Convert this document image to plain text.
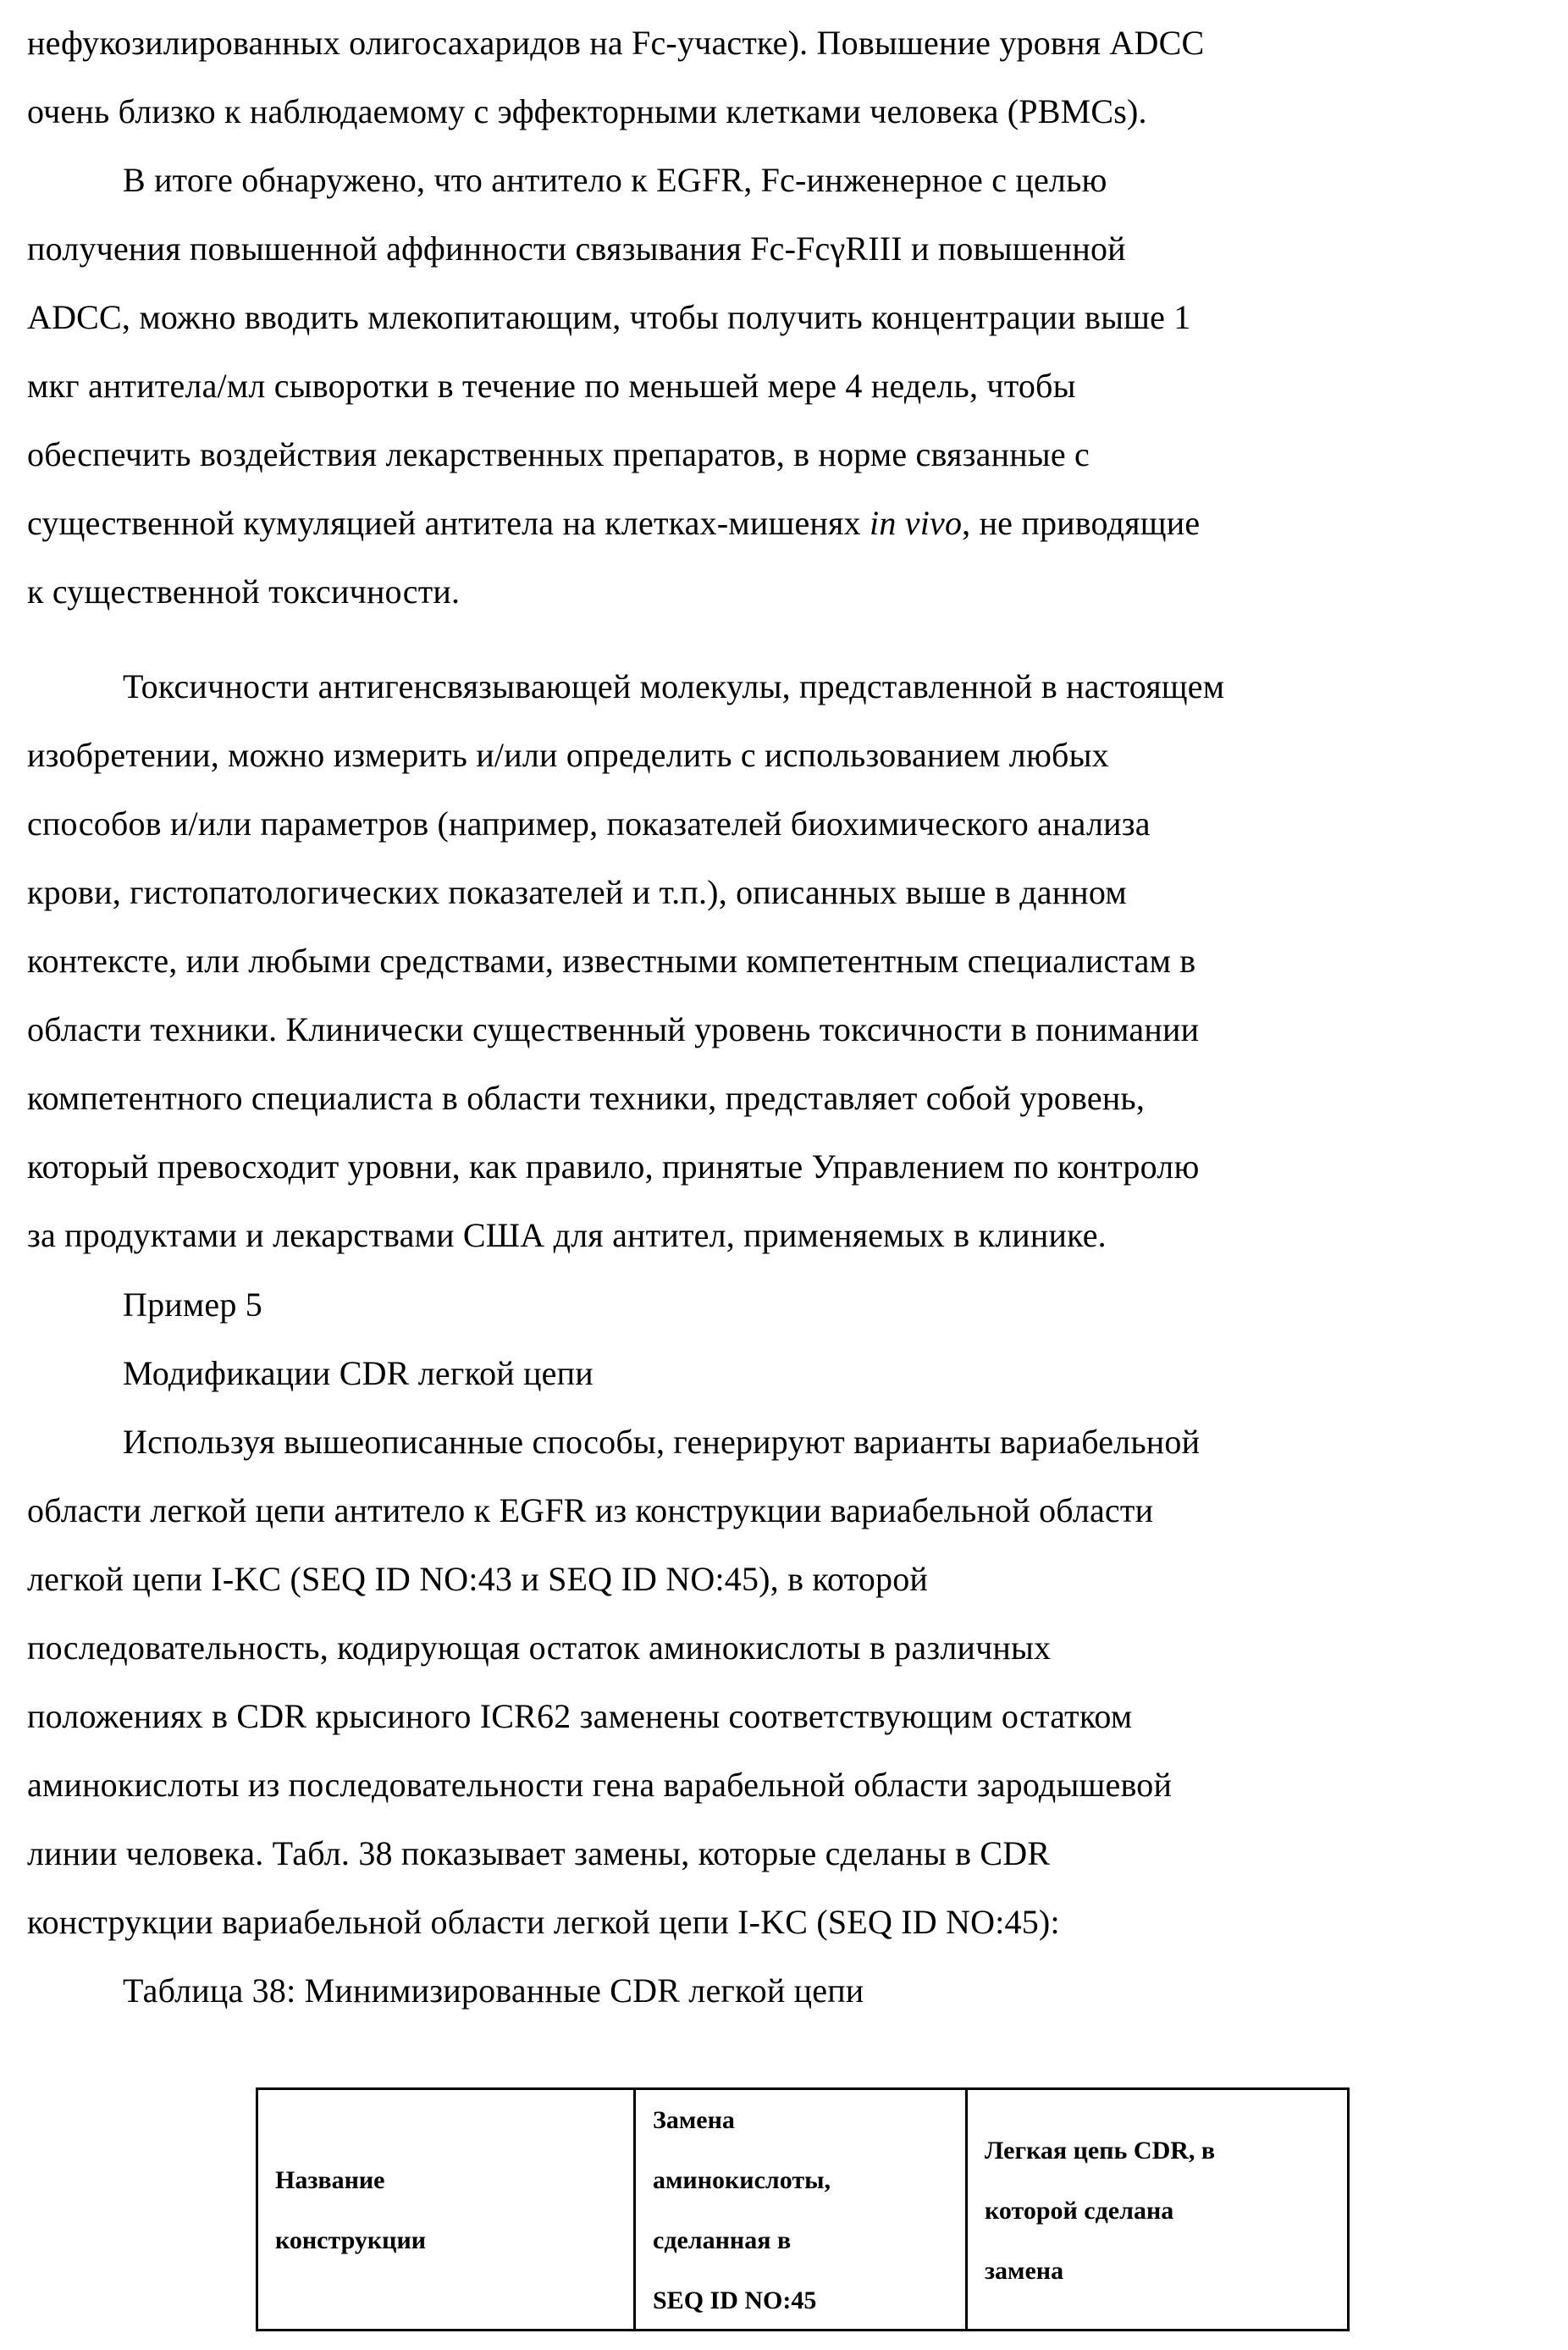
нефукозилированных олигосахаридов на Fc-участке). Повышение уровня ADCC
очень близко к наблюдаемому с эффекторными клетками человека (PBMCs).
В итоге обнаружено, что антитело к EGFR, Fc-инженерное с целью
получения повышенной аффинности связывания Fc-FcγRIII и повышенной
ADCC, можно вводить млекопитающим, чтобы получить концентрации выше 1
мкг антитела/мл сыворотки в течение по меньшей мере 4 недель, чтобы
обеспечить воздействия лекарственных препаратов, в норме связанные с
существенной кумуляцией антитела на клетках-мишенях in vivo, не приводящие
к существенной токсичности.
Токсичности антигенсвязывающей молекулы, представленной в настоящем
изобретении, можно измерить и/или определить с использованием любых
способов и/или параметров (например, показателей биохимического анализа
крови, гистопатологических показателей и т.п.), описанных выше в данном
контексте, или любыми средствами, известными компетентным специалистам в
области техники. Клинически существенный уровень токсичности в понимании
компетентного специалиста в области техники, представляет собой уровень,
который превосходит уровни, как правило, принятые Управлением по контролю
за продуктами и лекарствами США для антител, применяемых в клинике.
Пример 5
Модификации CDR легкой цепи
Используя вышеописанные способы, генерируют варианты вариабельной
области легкой цепи антитело к EGFR из конструкции вариабельной области
легкой цепи I-KC (SEQ ID NO:43 и SEQ ID NO:45), в которой
последовательность, кодирующая остаток аминокислоты в различных
положениях в CDR крысиного ICR62 заменены соответствующим остатком
аминокислоты из последовательности гена варабельной области зародышевой
линии человека. Табл. 38 показывает замены, которые сделаны в CDR
конструкции вариабельной области легкой цепи I-KC (SEQ ID NO:45):
Таблица 38: Минимизированные CDR легкой цепи
Название
конструкции
Замена
аминокислоты,
сделанная в
SEQ ID NO:45
Легкая цепь CDR, в
которой сделана
замена
